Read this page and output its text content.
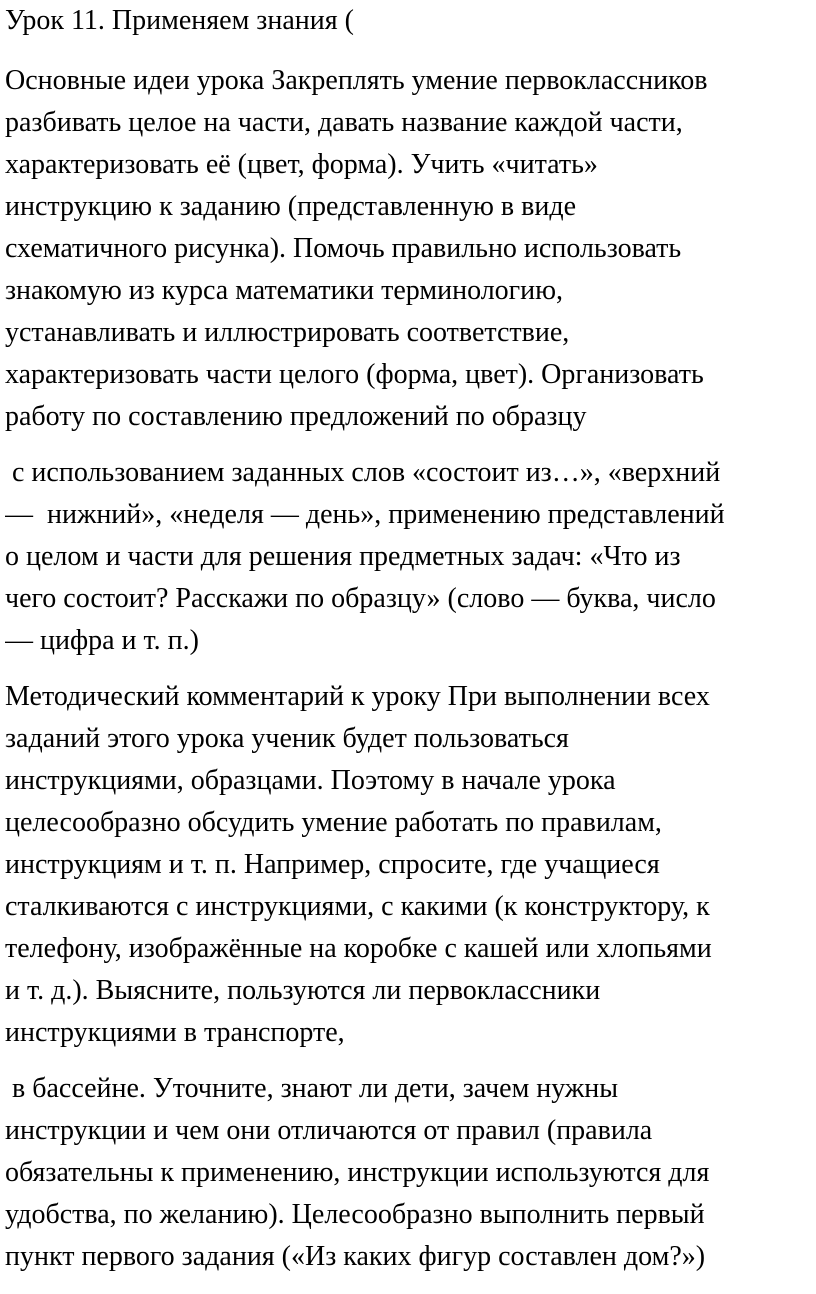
Урок 11. Применяем знания (
Основные идеи урока Закреплять умение первоклассников
разбивать целое на части, давать название каждой части,
характеризовать её (цвет, форма). Учить «читать»
инструкцию к заданию (представленную в виде
схематичного рисунка). Помочь правильно использовать
знакомую из курса математики терминологию,
устанавливать и иллюстрировать соответствие,
характеризовать части целого (форма, цвет). Организовать
работу по составлению предложений по образцу
с использованием заданных слов «состоит из…», «верхний
—  нижний», «неделя — день», применению представлений
о целом и части для решения предметных задач: «Что из
чего состоит? Расскажи по образцу» (слово — буква, число
— цифра и т. п.)
Методический комментарий к уроку При выполнении всех
заданий этого урока ученик будет пользоваться
инструкциями, образцами. Поэтому в начале урока
целесообразно обсудить умение работать по правилам,
инструкциям и т. п. Например, спросите, где учащиеся
сталкиваются с инструкциями, с какими (к конструктору, к
телефону, изображённые на коробке с кашей или хлопьями
и т. д.). Выясните, пользуются ли первоклассники
инструкциями в транспорте,
в бассейне. Уточните, знают ли дети, зачем нужны
инструкции и чем они отличаются от правил (правила
обязательны к применению, инструкции используются для
удобства, по желанию). Целесообразно выполнить первый
пункт первого задания («Из каких фигур составлен дом?»)
